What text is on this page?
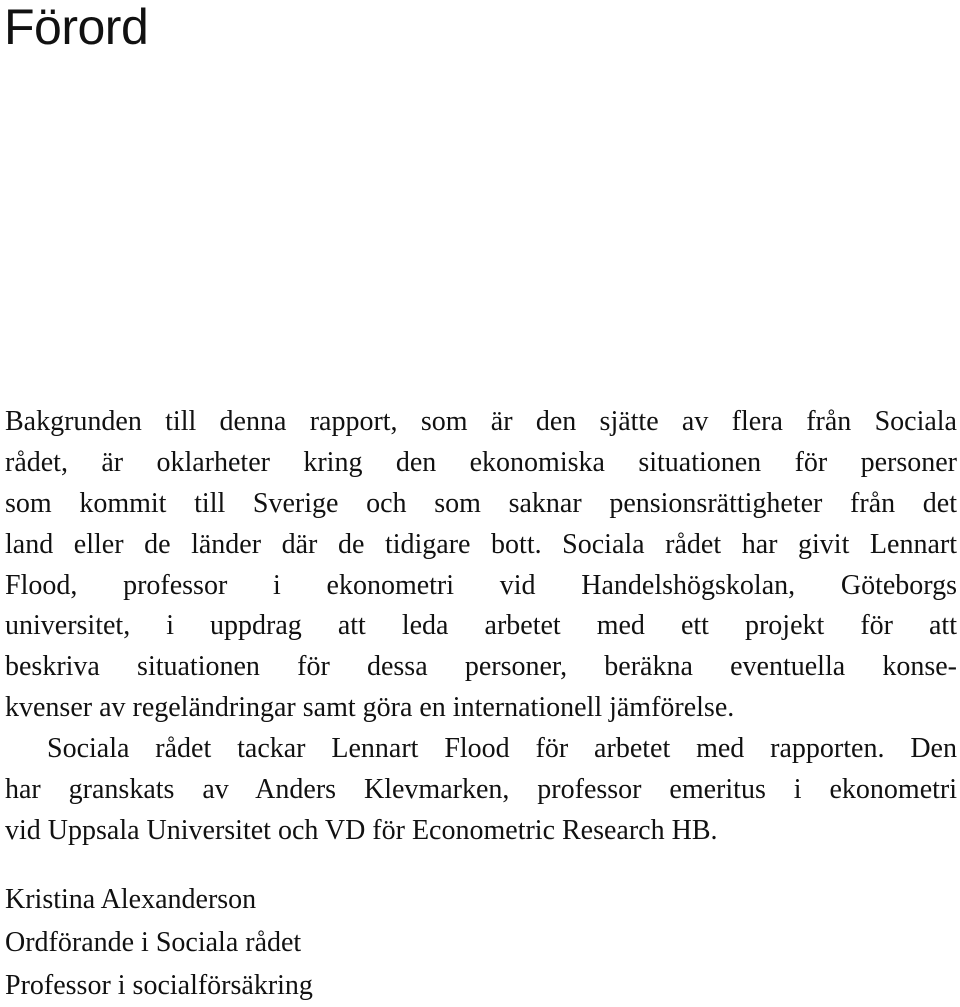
Förord
Bakgrunden till denna rapport, som är den sjätte av flera från Sociala
rådet, är oklarheter kring den ekonomiska situationen för personer
som kommit till Sverige och som saknar pensionsrättigheter från det
land eller de länder där de tidigare bott. Sociala rådet har givit Lennart
Flood, professor i ekonometri vid Handelshögskolan, Göteborgs
universitet, i uppdrag att leda arbetet med ett projekt för att
beskriva situationen för dessa personer, beräkna eventuella konse-
kvenser av regeländringar samt göra en internationell jämförelse.
Sociala rådet tackar Lennart Flood för arbetet med rapporten. Den
har granskats av Anders Klevmarken, professor emeritus i ekonometri
vid Uppsala Universitet och VD för Econometric Research HB.
Kristina Alexanderson
Ordförande i Sociala rådet
Professor i socialförsäkring
